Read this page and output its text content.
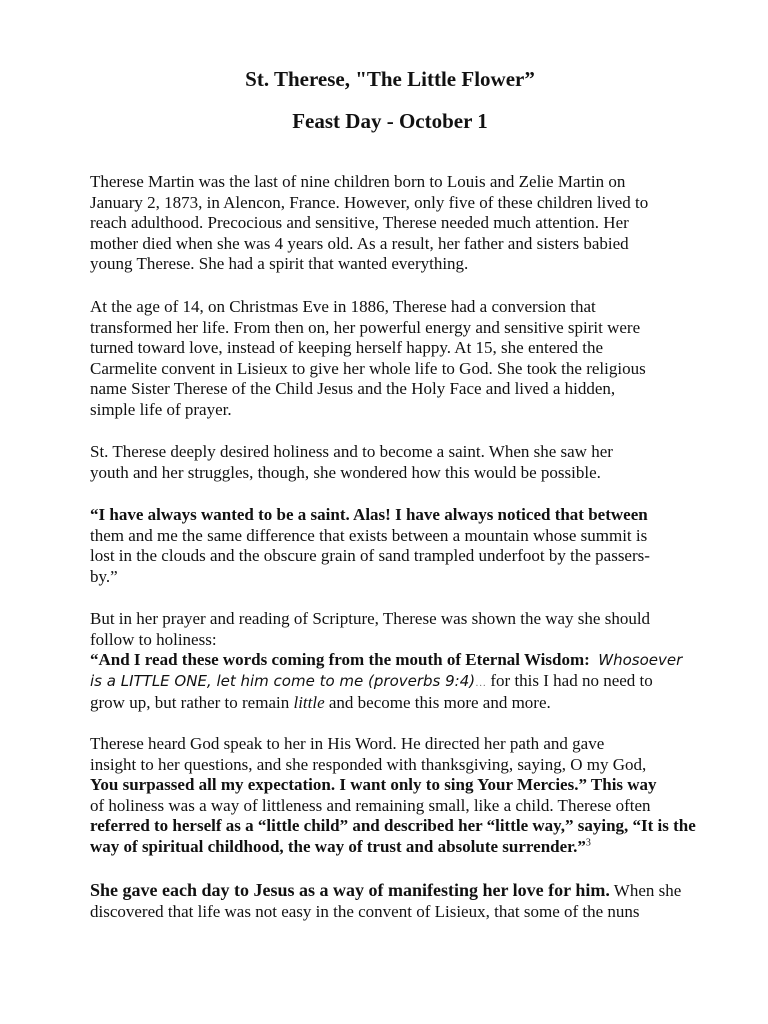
St. Therese, "The Little Flower”
Feast Day - October 1
Therese Martin was the last of nine children born to Louis and Zelie Martin on
January 2, 1873, in Alencon, France. However, only five of these children lived to
reach adulthood. Precocious and sensitive, Therese needed much attention. Her
mother died when she was 4 years old. As a result, her father and sisters babied
young Therese. She had a spirit that wanted everything.
At the age of 14, on Christmas Eve in 1886, Therese had a conversion that
transformed her life. From then on, her powerful energy and sensitive spirit were
turned toward love, instead of keeping herself happy. At 15, she entered the
Carmelite convent in Lisieux to give her whole life to God. She took the religious
name Sister Therese of the Child Jesus and the Holy Face and lived a hidden,
simple life of prayer.
St. Therese deeply desired holiness and to become a saint. When she saw her
youth and her struggles, though, she wondered how this would be possible.
“I have always wanted to be a saint. Alas! I have always noticed that between
them and me the same difference that exists between a mountain whose summit is
lost in the clouds and the obscure grain of sand trampled underfoot by the passers-
by.”
But in her prayer and reading of Scripture, Therese was shown the way she should
follow to holiness:
“And I read these words coming from the mouth of Eternal Wisdom: Whosoever
is a LITTLE ONE, let him come to me (proverbs 9:4)… for this I had no need to
grow up, but rather to remain little and become this more and more.
Therese heard God speak to her in His Word. He directed her path and gave
insight to her questions, and she responded with thanksgiving, saying, O my God,
You surpassed all my expectation. I want only to sing Your Mercies.” This way
of holiness was a way of littleness and remaining small, like a child. Therese often
referred to herself as a “little child” and described her “little way,” saying, “It is the
way of spiritual childhood, the way of trust and absolute surrender.”$^3$
She gave each day to Jesus as a way of manifesting her love for him. When she
discovered that life was not easy in the convent of Lisieux, that some of the nuns
